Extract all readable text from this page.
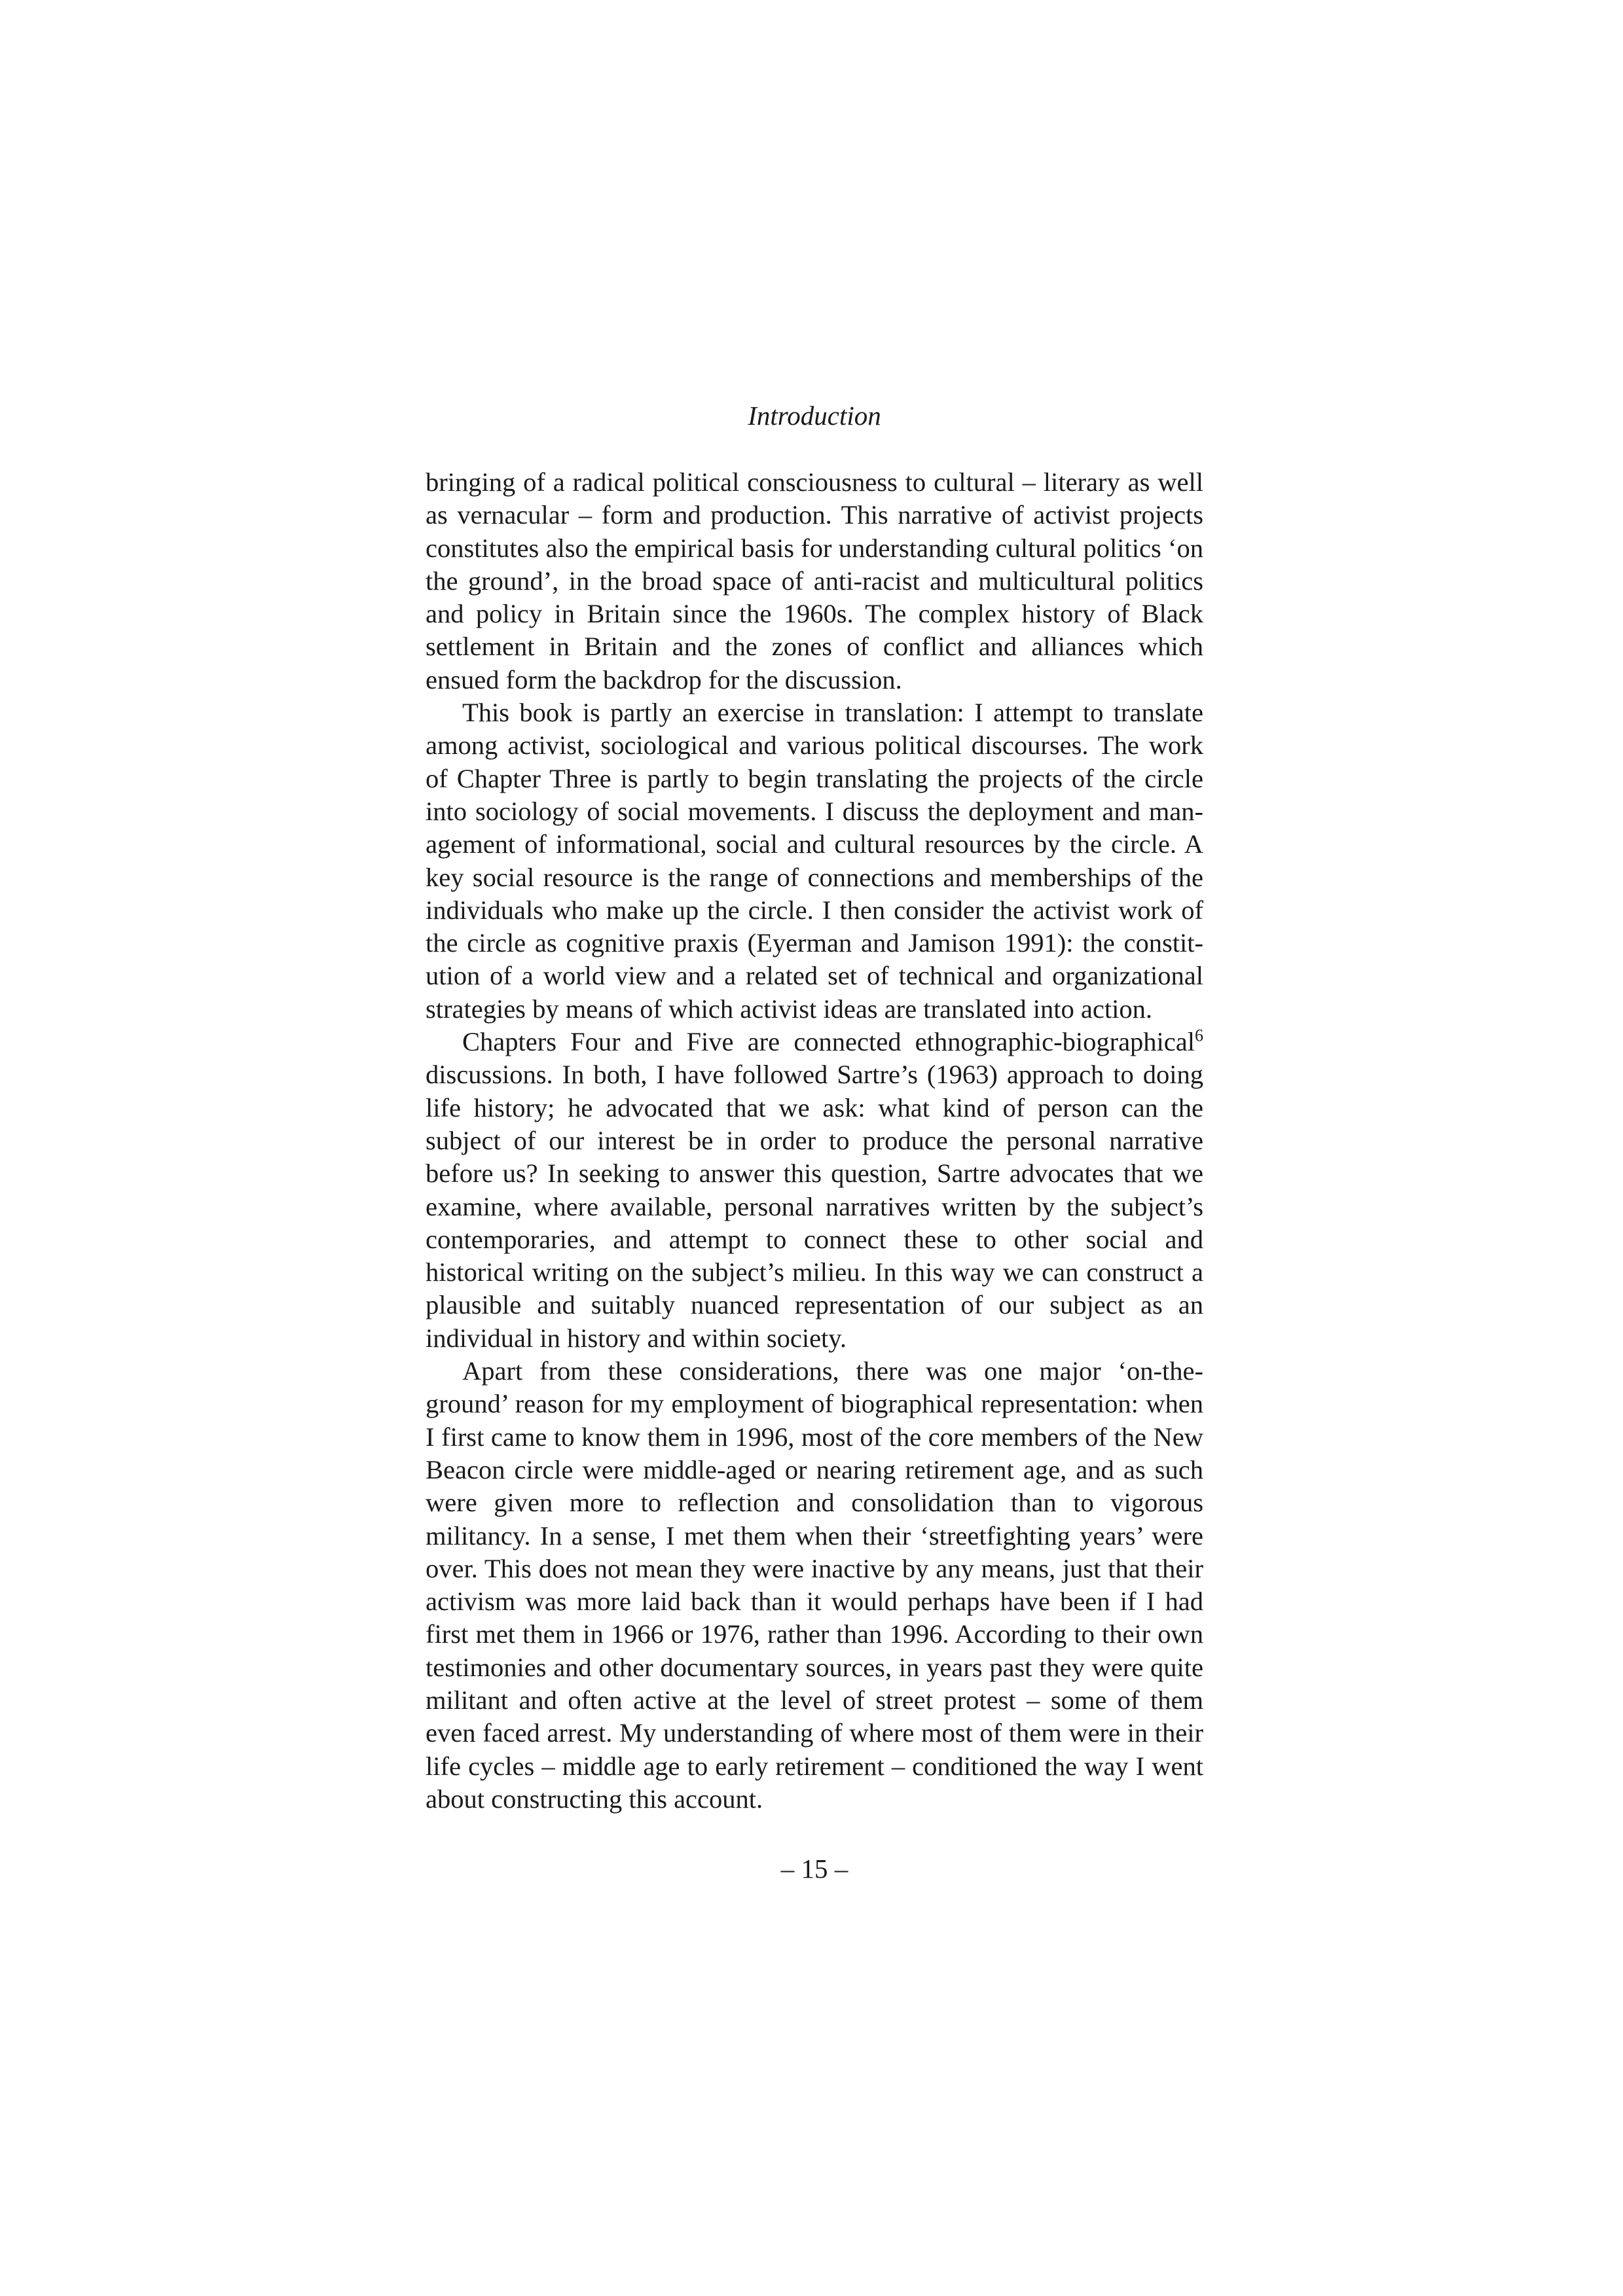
Introduction

bringing of a radical political consciousness to cultural – literary as well as vernacular – form and production. This narrative of activist projects constitutes also the empirical basis for understanding cultural politics ‘on the ground’, in the broad space of anti-racist and multicultural politics and policy in Britain since the 1960s. The complex history of Black settlement in Britain and the zones of conflict and alliances which ensued form the backdrop for the discussion.

This book is partly an exercise in translation: I attempt to translate among activist, sociological and various political discourses. The work of Chapter Three is partly to begin translating the projects of the circle into sociology of social movements. I discuss the deployment and man-agement of informational, social and cultural resources by the circle. A key social resource is the range of connections and memberships of the individuals who make up the circle. I then consider the activist work of the circle as cognitive praxis (Eyerman and Jamison 1991): the constit-ution of a world view and a related set of technical and organizational strategies by means of which activist ideas are translated into action.

Chapters Four and Five are connected ethnographic-biographical$^6$ discussions. In both, I have followed Sartre’s (1963) approach to doing life history; he advocated that we ask: what kind of person can the subject of our interest be in order to produce the personal narrative before us? In seeking to answer this question, Sartre advocates that we examine, where available, personal narratives written by the subject’s contemporaries, and attempt to connect these to other social and historical writing on the subject’s milieu. In this way we can construct a plausible and suitably nuanced representation of our subject as an individual in history and within society.

Apart from these considerations, there was one major ‘on-the-ground’ reason for my employment of biographical representation: when I first came to know them in 1996, most of the core members of the New Beacon circle were middle-aged or nearing retirement age, and as such were given more to reflection and consolidation than to vigorous militancy. In a sense, I met them when their ‘streetfighting years’ were over. This does not mean they were inactive by any means, just that their activism was more laid back than it would perhaps have been if I had first met them in 1966 or 1976, rather than 1996. According to their own testimonies and other documentary sources, in years past they were quite militant and often active at the level of street protest – some of them even faced arrest. My understanding of where most of them were in their life cycles – middle age to early retirement – conditioned the way I went about constructing this account.

– 15 –
